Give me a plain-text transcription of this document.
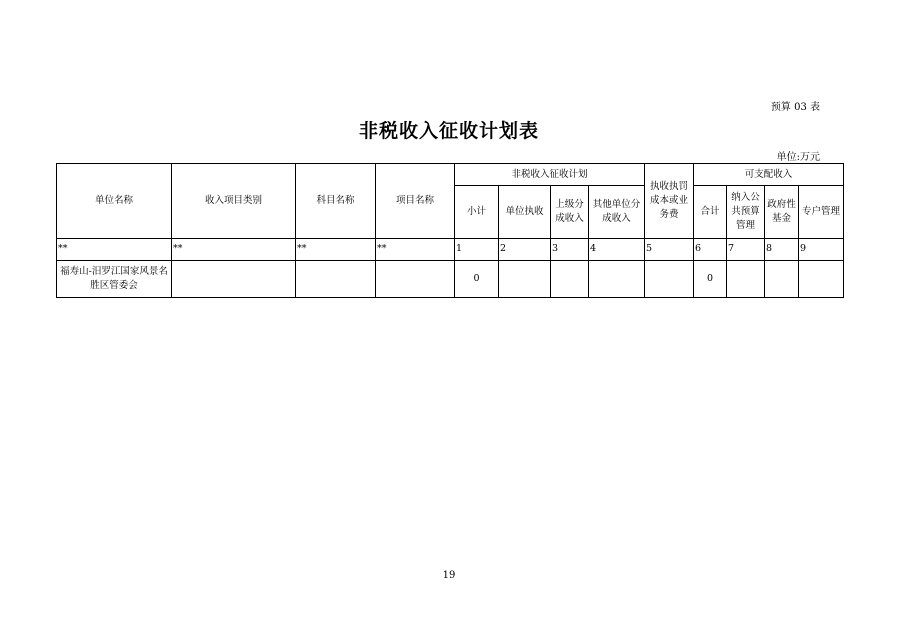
预算 03 表
非税收入征收计划表
单位:万元
单位名称	收入项目类别	科目名称	项目名称	非税收入征收计划				执收执罚成本或业务费	可支配收入			
				小计	单位执收	上级分成收入	其他单位分成收入		合计	纳入公共预算管理	政府性基金	专户管理
**	**	**	**	1	2	3	4	5	6	7	8	9
福寿山-汨罗江国家风景名胜区管委会				0					0			
19
